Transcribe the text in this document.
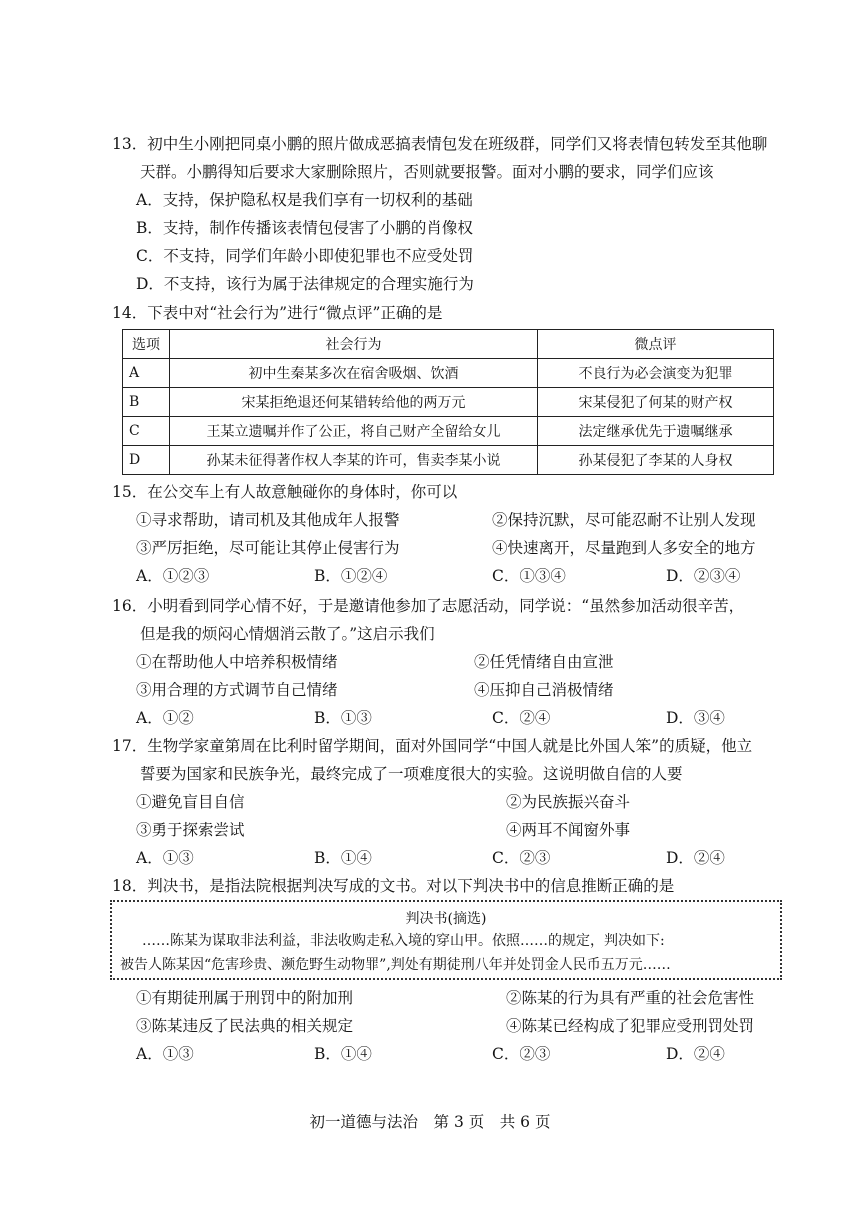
13．初中生小刚把同桌小鹏的照片做成恶搞表情包发在班级群，同学们又将表情包转发至其他聊
天群。小鹏得知后要求大家删除照片，否则就要报警。面对小鹏的要求，同学们应该
A．支持，保护隐私权是我们享有一切权利的基础
B．支持，制作传播该表情包侵害了小鹏的肖像权
C．不支持，同学们年龄小即使犯罪也不应受处罚
D．不支持，该行为属于法律规定的合理实施行为
14．下表中对“社会行为”进行“微点评”正确的是
选项	社会行为	微点评
A	初中生秦某多次在宿舍吸烟、饮酒	不良行为必会演变为犯罪
B	宋某拒绝退还何某错转给他的两万元	宋某侵犯了何某的财产权
C	王某立遗嘱并作了公正，将自己财产全留给女儿	法定继承优先于遗嘱继承
D	孙某未征得著作权人李某的许可，售卖李某小说	孙某侵犯了李某的人身权
15．在公交车上有人故意触碰你的身体时，你可以
①寻求帮助，请司机及其他成年人报警	②保持沉默，尽可能忍耐不让别人发现
③严厉拒绝，尽可能让其停止侵害行为	④快速离开，尽量跑到人多安全的地方
A．①②③	B．①②④	C．①③④	D．②③④
16．小明看到同学心情不好，于是邀请他参加了志愿活动，同学说：“虽然参加活动很辛苦，
但是我的烦闷心情烟消云散了。”这启示我们
①在帮助他人中培养积极情绪	②任凭情绪自由宣泄
③用合理的方式调节自己情绪	④压抑自己消极情绪
A．①②	B．①③	C．②④	D．③④
17．生物学家童第周在比利时留学期间，面对外国同学“中国人就是比外国人笨”的质疑，他立
誓要为国家和民族争光，最终完成了一项难度很大的实验。这说明做自信的人要
①避免盲目自信	②为民族振兴奋斗
③勇于探索尝试	④两耳不闻窗外事
A．①③	B．①④	C．②③	D．②④
18．判决书，是指法院根据判决写成的文书。对以下判决书中的信息推断正确的是
判决书(摘选)
……陈某为谋取非法利益，非法收购走私入境的穿山甲。依照……的规定，判决如下:
被告人陈某因“危害珍贵、濒危野生动物罪”,判处有期徒刑八年并处罚金人民币五万元……
①有期徒刑属于刑罚中的附加刑	②陈某的行为具有严重的社会危害性
③陈某违反了民法典的相关规定	④陈某已经构成了犯罪应受刑罚处罚
A．①③	B．①④	C．②③	D．②④
初一道德与法治　第 3 页　共 6 页
